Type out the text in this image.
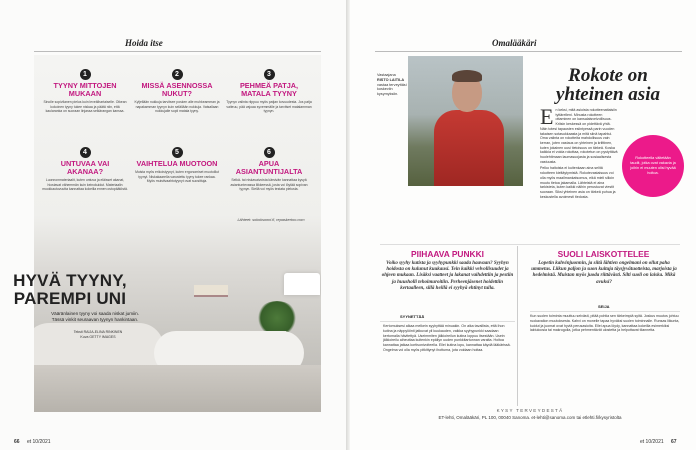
Hoida itse
1
TYYNY MITTOJEN MUKAAN
Sinolle sopivilanen pielus kuin leveälhartaiselle. Oikean kokoinen tyyny tukee niskaa ja päätä niin, että kaularanka on suoraan linjassa selkärangan kanssa.
2
MISSÄ ASENNOSSA NUKUT?
Kyljellään nukkuja tarvitsee posken alle muhkeamman ja napakamman tyynyn kuin selällään nukkuja. Vatsallaan nukkujalle sopii matala tyyny.
3
PEHMEÄ PATJA, MATALA TYYNY
Tyynyn valinta riippuu myös patjan kovuudesta. Jos patja vaiteuu, pää vajoaa syvemmälle ja tarvitset matalamman tyynyn.
4
UNTUVAA VAI AKANAA?
Luonnonmateriaalit, kuten untuva ja eläisset akanat, hiostavat vähemmän kuin keinokuidut. Materiaalin muokkautuvuutta kannattaa kokeilla ennen ostopäätöstä.
5
VAIHTELUA MUOTOON
Muista myös erikoistyynyt, kuten ergonomiset muotoillut tyynyt. Niskakaarella varustettu tyyny tukee rankaa. Myös muistivaahtotyynyt ovat suosittuja.
6
APUA ASIANTUNTIJALTA
Selkä- tai niskavaivoista kärsivän kannattaa kysyä asiantuntevassa liikkeessä, josta voi löytää sopivan tyynyn. Siellä voi myös testata pielusta.
Lähteet: sokoksonni.fi, repaskertoo.com
HYVÄ TYYNY,
PAREMPI UNI
Vääränlainen tyyny voi saada niskat jumiin. Tässä vinkit seuraavan tyynyn hankintaan.
Teksti RAIJA-ELINA RINKINEN
Kuva GETTY IMAGES
66 et 10/2021
Omalääkäri
Vastaajana
RISTO LAITILA
vastaa terveyttäsi koskeviin kysymyksiin.
Rokote on
yhteinen asia
E n keksi, mitä asioista rokotteenattaisiin tyttärelleni. Minusta rokotteen ottaminen on kansalaisvelvollisuus. Kriisin keskessä on pidettävä yhtä. Näin totesi tapausten esiintyessä parin vuoden takaisen sotasukkaasta ja mitä siinä tapahtui. Oma valinta on rokotteita mahdollisuus vain kerran, joten vastaus on yhteinen ja kriittinen, kuten jokainen uusi tietoisuus on tärkeä. Koska kaikkia ei voida rokottaa, rokotetun on pystyttävä huolehtimaan laumasuojasta ja sosiaalisesta vastuusta.

Pelko haitoista ei kuitenkaan aina selitä rokotteen kieltäytymistä. Rokotevastaisuus voi olla myös maailmankatsomus, eikä mieli silloin muutu tietoa jakamalla. Lähteistä ei aina tarkisteta, kuten kaikki näihin perustuvat viestit suoraan. Siksi yhteinen asia on tärkeä puhua ja keskustella avoimesti tiedosta.

Rokotteella vältetään taudit, jotka ovat vakavia ja joihin ei muuten olisi hyvää hoitoa.
PIIHAAVA PUNKKI
Voiko syyhy kutista ja syyhypunkki saada haavaan? Syyhyn hoidosta on kulunut kuukausi. Tein kaikki velvollisuudet ja ohjeen mukaan. Lisäksi vaatteet ja lakanat vaihdettiin ja pestiin ja huusholli tehoimuroitiin. Perheenjäsenet hoidettiin kertaalleen, sillä heillä ei syyhyä ehtinyt tulla.
SYYNETTÄÄ
Kertomuksesi alkaa melkein syyhyttää minuakin. On aika tavallista, että ihon kutina ja näppylöinti jatkuvat yli kuukauden, vaikka syyhypunkki saadaan kertomalla hävitettyä. Useimmiten jälkioireilun kutina loppuu itsestään. Usein jälkioireilu aiheuttaa kuitenkin epäilyn uuden punkkitartunnan varalta. Hoitoa kannattaa jatkaa kortisonivoiteella. Ellei kutina lopu, kannattaa käydä lääkärissä. Ongelma voi olla myös pitkittynyt ihottuma, jota voidaan hoitaa.
SUOLI LAISKOTTELEE
Lopetin kahvinjuonnin, ja siitä lähtien ongelmani on ollut paha ummetus. Liikun paljon ja suon kuituja täysjyvätuotteista, marjoista ja hedelmistä. Muistan myös juoda riittävästi. Silti suoli on laiska. Mikä avuksi?
SEIJA
Kun suolen toiminta muuttuu selvästi, pitää pohtia sen tärkeimpiä syitä. Joskus muutos johtuu ruokavalion muutoksesta. Kahvi on monelle tapaa hyväksi suolen toiminnalle. Runsas liikunta, kuidut ja juomat ovat hyviä perusasioita. Ellei apua löydy, kannattaa kokeilla esimerkiksi laktuloosia tai makrogolia, jotka pehmentävät ulostetta ja helpottavat tilannetta.
KYSY TERVEYDESTÄ
ET-lehti, Omalääkäri, PL 100, 00040 Sanoma. et-lehti@sanoma.com tai etlehti.fi/kysyristolta
et 10/2021 67
